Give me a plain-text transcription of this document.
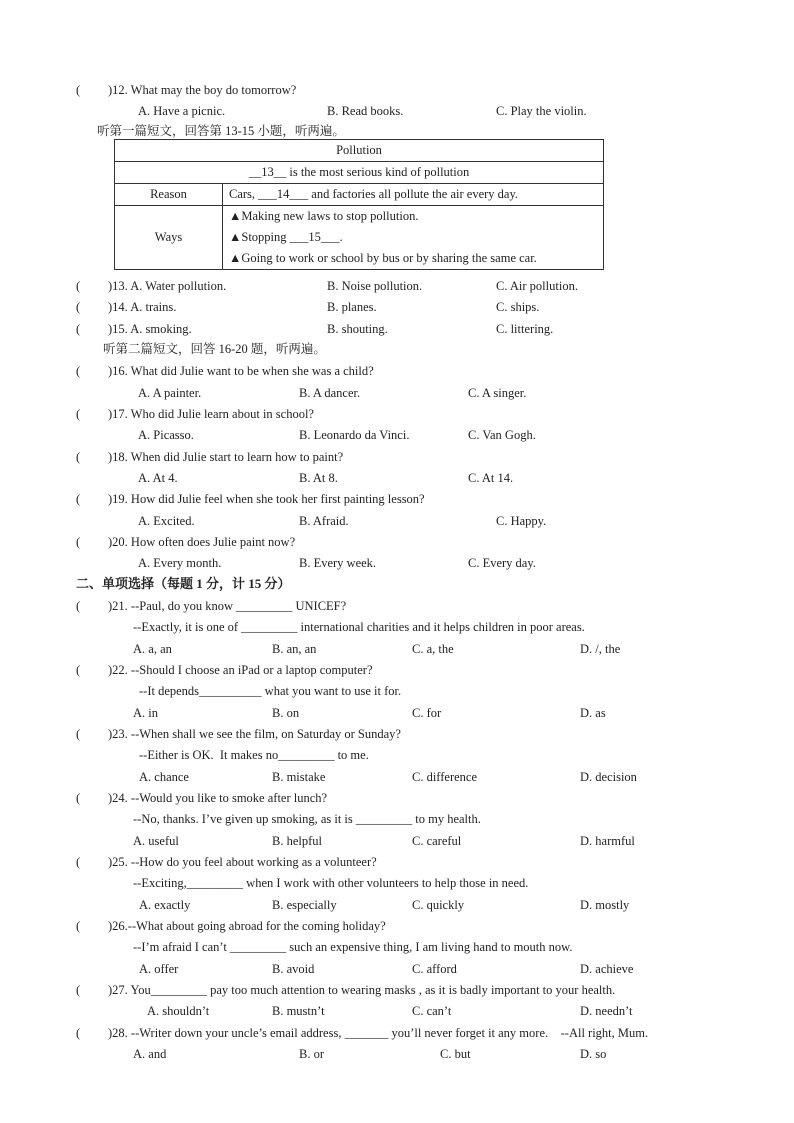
( )12. What may the boy do tomorrow?
A. Have a picnic.	B. Read books.	C. Play the violin.
听第一篇短文，回答第 13-15 小题，听两遍。
Pollution	
__13__ is the most serious kind of pollution	
Reason	Cars, ___14___ and factories all pollute the air every day.
Ways	▲Making new laws to stop pollution.
▲Stopping ___15___.
▲Going to work or school by bus or by sharing the same car.
( )13. A. Water pollution.	B. Noise pollution.	C. Air pollution.
( )14. A. trains.	B. planes.	C. ships.
( )15. A. smoking.	B. shouting.	C. littering.
听第二篇短文，回答 16-20 题，听两遍。
( )16. What did Julie want to be when she was a child?
A. A painter.	B. A dancer.	C. A singer.
( )17. Who did Julie learn about in school?
A. Picasso.	B. Leonardo da Vinci.	C. Van Gogh.
( )18. When did Julie start to learn how to paint?
A. At 4.	B. At 8.	C. At 14.
( )19. How did Julie feel when she took her first painting lesson?
A. Excited.	B. Afraid.	C. Happy.
( )20. How often does Julie paint now?
A. Every month.	B. Every week.	C. Every day.
二、单项选择（每题 1 分，计 15 分）
( )21. --Paul, do you know _________ UNICEF?
--Exactly, it is one of _________ international charities and it helps children in poor areas.
A. a, an	B. an, an	C. a, the	D. /, the
( )22. --Should I choose an iPad or a laptop computer?
--It depends__________ what you want to use it for.
A. in	B. on	C. for	D. as
( )23. --When shall we see the film, on Saturday or Sunday?
--Either is OK.  It makes no_________ to me.
A. chance	B. mistake	C. difference	D. decision
( )24. --Would you like to smoke after lunch?
--No, thanks. I’ve given up smoking, as it is _________ to my health.
A. useful	B. helpful	C. careful	D. harmful
( )25. --How do you feel about working as a volunteer?
--Exciting,_________ when I work with other volunteers to help those in need.
A. exactly	B. especially	C. quickly	D. mostly
( )26.--What about going abroad for the coming holiday?
--I’m afraid I can’t _________ such an expensive thing, I am living hand to mouth now.
A. offer	B. avoid	C. afford	D. achieve
( )27. You_________ pay too much attention to wearing masks , as it is badly important to your health.
A. shouldn’t	B. mustn’t	C. can’t	D. needn’t
( )28. --Writer down your uncle’s email address, _______ you’ll never forget it any more.    --All right, Mum.
A. and	B. or	C. but	D. so
